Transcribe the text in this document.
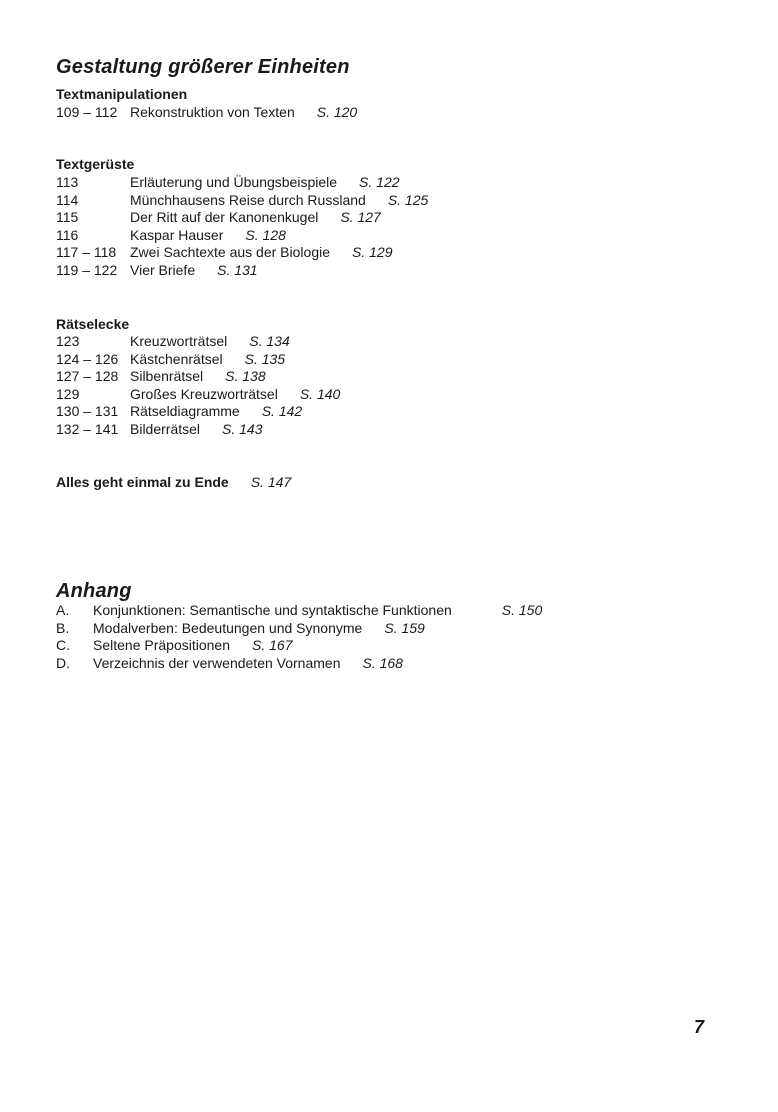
Gestaltung größerer Einheiten
Textmanipulationen
109 – 112 Rekonstruktion von Texten S. 120
Textgerüste
113	Erläuterung und Übungsbeispiele S. 122
114	Münchhausens Reise durch Russland S. 125
115	Der Ritt auf der Kanonenkugel S. 127
116	Kaspar Hauser S. 128
117 – 118 Zwei Sachtexte aus der Biologie S. 129
119 – 122 Vier Briefe S. 131
Rätselecke
123	Kreuzworträtsel S. 134
124 – 126 Kästchenrätsel S. 135
127 – 128 Silbenrätsel S. 138
129	Großes Kreuzworträtsel S. 140
130 – 131 Rätseldiagramme S. 142
132 – 141 Bilderrätsel S. 143
Alles geht einmal zu Ende S. 147
Anhang
A. Konjunktionen: Semantische und syntaktische Funktionen	S. 150
B. Modalverben: Bedeutungen und Synonyme S. 159
C. Seltene Präpositionen S. 167
D. Verzeichnis der verwendeten Vornamen S. 168
7
